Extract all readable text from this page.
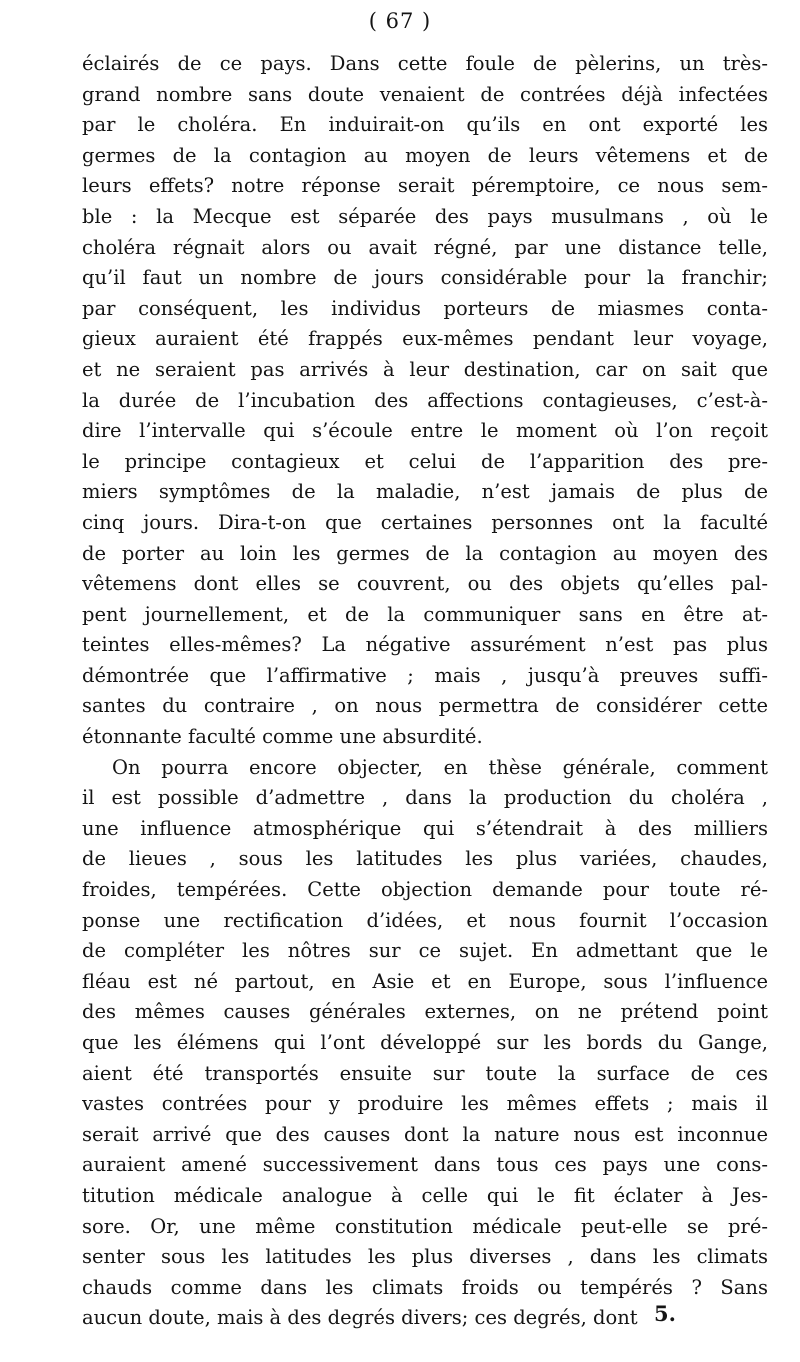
( 67 )
éclairés de ce pays. Dans cette foule de pèlerins, un très-
grand nombre sans doute venaient de contrées déjà infectées
par le choléra. En induirait-on qu’ils en ont exporté les
germes de la contagion au moyen de leurs vêtemens et de
leurs effets? notre réponse serait péremptoire, ce nous sem-
ble : la Mecque est séparée des pays musulmans , où le
choléra régnait alors ou avait régné, par une distance telle,
qu’il faut un nombre de jours considérable pour la franchir;
par conséquent, les individus porteurs de miasmes conta-
gieux auraient été frappés eux-mêmes pendant leur voyage,
et ne seraient pas arrivés à leur destination, car on sait que
la durée de l’incubation des affections contagieuses, c’est-à-
dire l’intervalle qui s’écoule entre le moment où l’on reçoit
le principe contagieux et celui de l’apparition des pre-
miers symptômes de la maladie, n’est jamais de plus de
cinq jours. Dira-t-on que certaines personnes ont la faculté
de porter au loin les germes de la contagion au moyen des
vêtemens dont elles se couvrent, ou des objets qu’elles pal-
pent journellement, et de la communiquer sans en être at-
teintes elles-mêmes? La négative assurément n’est pas plus
démontrée que l’affirmative ; mais , jusqu’à preuves suffi-
santes du contraire , on nous permettra de considérer cette
étonnante faculté comme une absurdité.
On pourra encore objecter, en thèse générale, comment
il est possible d’admettre , dans la production du choléra ,
une influence atmosphérique qui s’étendrait à des milliers
de lieues , sous les latitudes les plus variées, chaudes,
froides, tempérées. Cette objection demande pour toute ré-
ponse une rectification d’idées, et nous fournit l’occasion
de compléter les nôtres sur ce sujet. En admettant que le
fléau est né partout, en Asie et en Europe, sous l’influence
des mêmes causes générales externes, on ne prétend point
que les élémens qui l’ont développé sur les bords du Gange,
aient été transportés ensuite sur toute la surface de ces
vastes contrées pour y produire les mêmes effets ; mais il
serait arrivé que des causes dont la nature nous est inconnue
auraient amené successivement dans tous ces pays une cons-
titution médicale analogue à celle qui le fit éclater à Jes-
sore. Or, une même constitution médicale peut-elle se pré-
senter sous les latitudes les plus diverses , dans les climats
chauds comme dans les climats froids ou tempérés ? Sans
aucun doute, mais à des degrés divers; ces degrés, dont 5.
